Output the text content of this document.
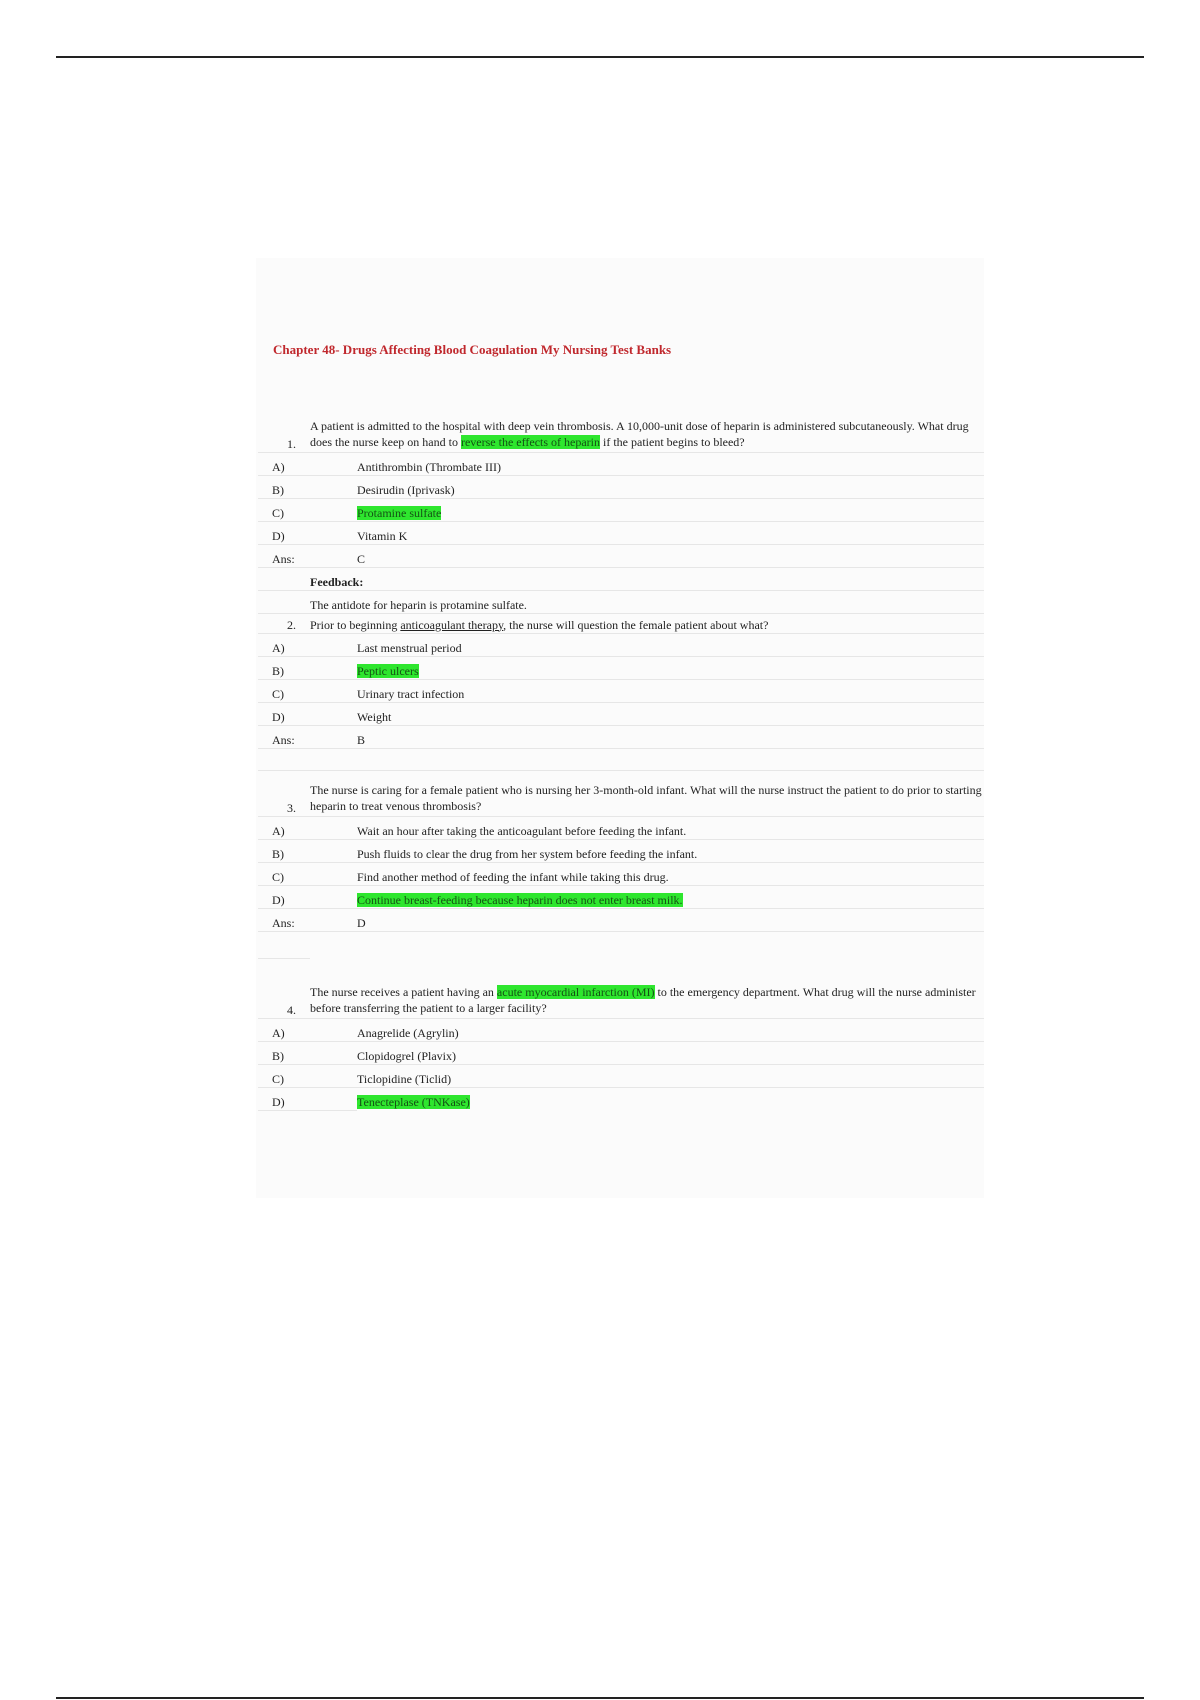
Chapter 48- Drugs Affecting Blood Coagulation My Nursing Test Banks
1.	A patient is admitted to the hospital with deep vein thrombosis. A 10,000-unit dose of heparin is administered subcutaneously. What drug does the nurse keep on hand to reverse the effects of heparin if the patient begins to bleed?	
A)		Antithrombin (Thrombate III)
B)		Desirudin (Iprivask)
C)		Protamine sulfate
D)		Vitamin K
Ans:		C
	Feedback:	
	The antidote for heparin is protamine sulfate.	
2.	Prior to beginning anticoagulant therapy, the nurse will question the female patient about what?	
A)		Last menstrual period
B)		Peptic ulcers
C)		Urinary tract infection
D)		Weight
Ans:		B

3.	The nurse is caring for a female patient who is nursing her 3-month-old infant. What will the nurse instruct the patient to do prior to starting heparin to treat venous thrombosis?	
A)		Wait an hour after taking the anticoagulant before feeding the infant.
B)		Push fluids to clear the drug from her system before feeding the infant.
C)		Find another method of feeding the infant while taking this drug.
D)		Continue breast-feeding because heparin does not enter breast milk.
Ans:		D
4.	The nurse receives a patient having an acute myocardial infarction (MI) to the emergency department. What drug will the nurse administer before transferring the patient to a larger facility?	
A)		Anagrelide (Agrylin)
B)		Clopidogrel (Plavix)
C)		Ticlopidine (Ticlid)
D)		Tenecteplase (TNKase)
